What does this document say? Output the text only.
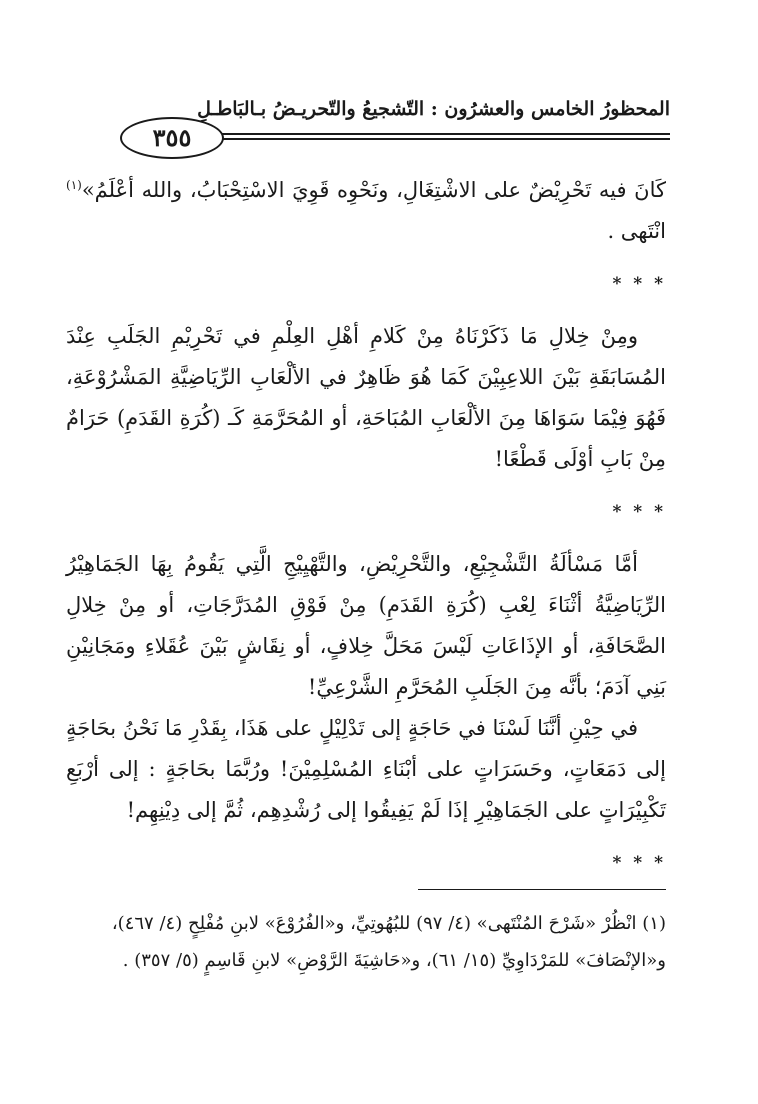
المحظورُ الخامس والعشرُون : التّشجيعُ والتّحريـضُ بـالبَاطـلِ
٣٥٥

كَانَ فيه تَحْرِيْضٌ على الاشْتِغَالِ، ونَحْوِه قَوِيَ الاسْتِحْبَابُ، والله أعْلَمُ»$^{(١)}$ انْتَهى .

* * *

ومِنْ خِلالِ مَا ذَكَرْنَاهُ مِنْ كَلامِ أهْلِ العِلْمِ في تَحْرِيْمِ الجَلَبِ عِنْدَ المُسَابَقَةِ بَيْنَ اللاعِبِيْنَ كَمَا هُوَ ظَاهِرٌ في الألْعَابِ الرِّيَاضِيَّةِ المَشْرُوْعَةِ، فَهُوَ فِيْمَا سَوَاهَا مِنَ الألْعَابِ المُبَاحَةِ، أو المُحَرَّمَةِ كَـ (كُرَةِ القَدَمِ) حَرَامٌ مِنْ بَابِ أوْلَى قَطْعًا!

* * *

أمَّا مَسْألَةُ التَّشْجِيْعِ، والتَّحْرِيْضِ، والتَّهْيِيْجِ الَّتِي يَقُومُ بِهَا الجَمَاهِيْرُ الرِّيَاضِيَّةُ أثْنَاءَ لِعْبِ (كُرَةِ القَدَمِ) مِنْ فَوْقِ المُدَرَّجَاتِ، أو مِنْ خِلالِ الصَّحَافَةِ، أو الإذَاعَاتِ لَيْسَ مَحَلَّ خِلافٍ، أو نِقَاشٍ بَيْنَ عُقَلاءِ ومَجَانِيْنِ بَنِي آدَمَ؛ بأنَّه مِنَ الجَلَبِ المُحَرَّمِ الشَّرْعِيِّ!

في حِيْنِ أنَّنَا لَسْنَا في حَاجَةٍ إلى تَدْلِيْلٍ على هَذَا، بِقَدْرِ مَا نَحْنُ بحَاجَةٍ إلى دَمَعَاتٍ، وحَسَرَاتٍ على أبْنَاءِ المُسْلِمِيْنَ! ورُبَّمَا بحَاجَةٍ : إلى أرْبَعِ تَكْبِيْرَاتٍ على الجَمَاهِيْرِ إذَا لَمْ يَفِيقُوا إلى رُشْدِهِم، ثُمَّ إلى دِيْنِهِم!

* * *

(١) انْظُرْ «شَرْحَ المُنْتَهى» (٤/ ٩٧) للبُهُوتِيِّ، و«الفُرُوْعَ» لابنِ مُفْلِحٍ (٤/ ٤٦٧)،

و«الإنْصَافَ» للمَرْدَاوِيِّ (١٥/ ٦١)، و«حَاشِيَةَ الرَّوْضِ» لابنِ قَاسِمٍ (٥/ ٣٥٧) .
